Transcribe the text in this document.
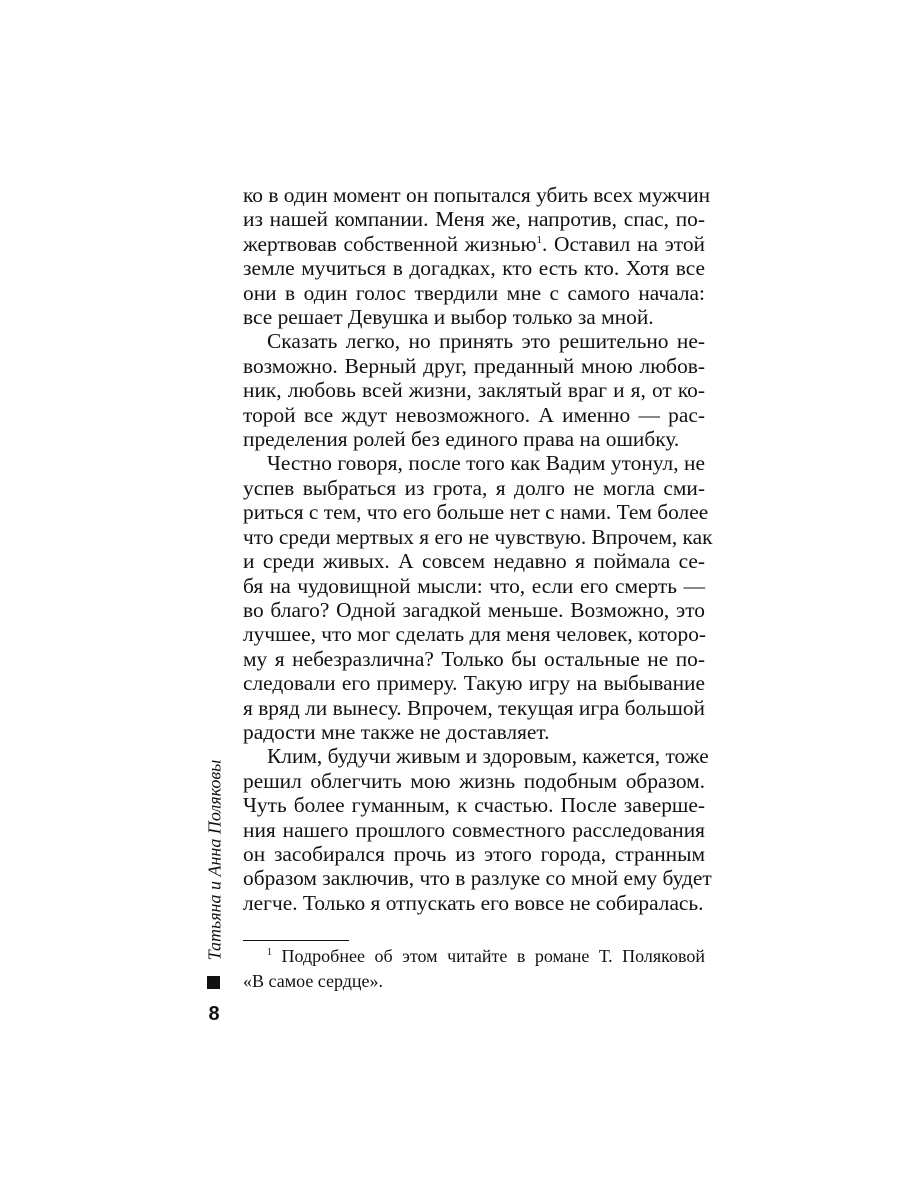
ко в один момент он попытался убить всех мужчин
из нашей компании. Меня же, напротив, спас, по-
жертвовав собственной жизнью$^1$. Оставил на этой
земле мучиться в догадках, кто есть кто. Хотя все
они в один голос твердили мне с самого начала:
все решает Девушка и выбор только за мной.

Сказать легко, но принять это решительно не-
возможно. Верный друг, преданный мною любов-
ник, любовь всей жизни, заклятый враг и я, от ко-
торой все ждут невозможного. А именно — рас-
пределения ролей без единого права на ошибку.

Честно говоря, после того как Вадим утонул, не
успев выбраться из грота, я долго не могла сми-
риться с тем, что его больше нет с нами. Тем более
что среди мертвых я его не чувствую. Впрочем, как
и среди живых. А совсем недавно я поймала се-
бя на чудовищной мысли: что, если его смерть —
во благо? Одной загадкой меньше. Возможно, это
лучшее, что мог сделать для меня человек, которо-
му я небезразлична? Только бы остальные не по-
следовали его примеру. Такую игру на выбывание
я вряд ли вынесу. Впрочем, текущая игра большой
радости мне также не доставляет.

Клим, будучи живым и здоровым, кажется, тоже
решил облегчить мою жизнь подобным образом.
Чуть более гуманным, к счастью. После заверше-
ния нашего прошлого совместного расследования
он засобирался прочь из этого города, странным
образом заключив, что в разлуке со мной ему будет
легче. Только я отпускать его вовсе не собиралась.

$^1$ Подробнее об этом читайте в романе Т. Поляковой
«В самое сердце».
Татьяна и Анна Поляковы
8
